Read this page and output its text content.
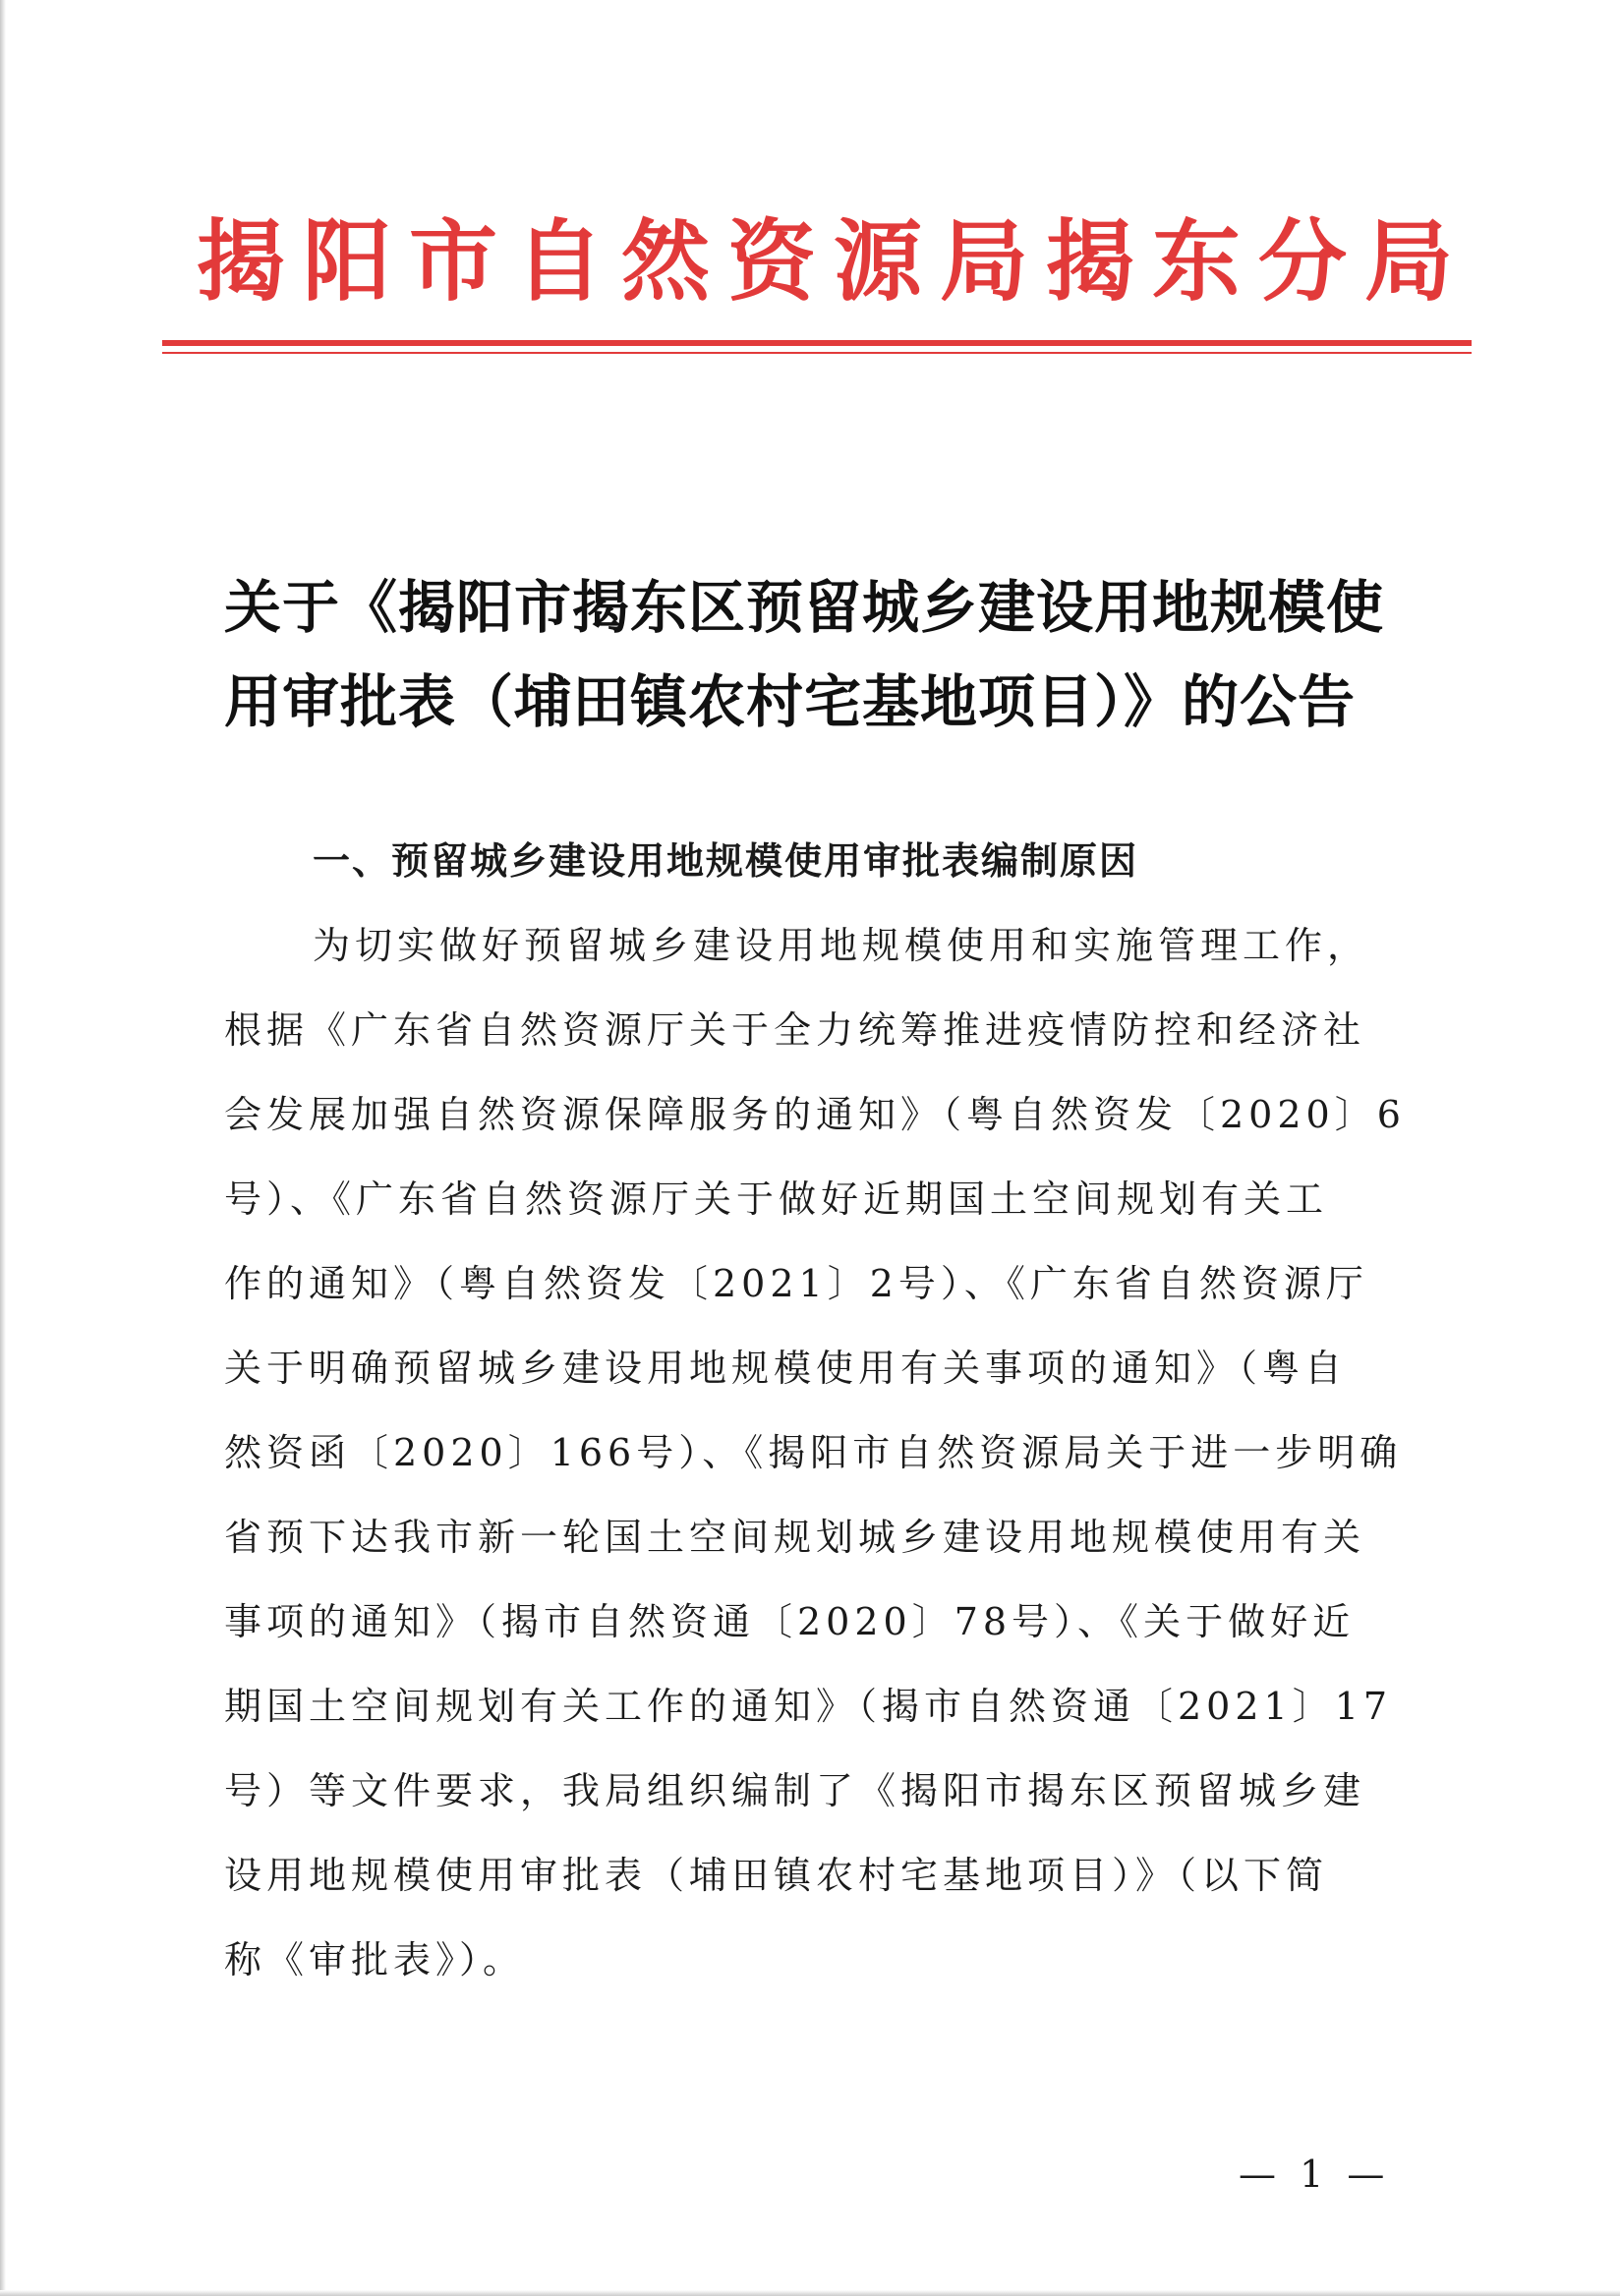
揭阳市自然资源局揭东分局
关于《揭阳市揭东区预留城乡建设用地规模使
用审批表（埔田镇农村宅基地项目）》的公告
一、预留城乡建设用地规模使用审批表编制原因
为切实做好预留城乡建设用地规模使用和实施管理工作，
根据《广东省自然资源厅关于全力统筹推进疫情防控和经济社
会发展加强自然资源保障服务的通知》（粤自然资发〔2020〕6
号）、《广东省自然资源厅关于做好近期国土空间规划有关工
作的通知》（粤自然资发〔2021〕2号）、《广东省自然资源厅
关于明确预留城乡建设用地规模使用有关事项的通知》（粤自
然资函〔2020〕166号）、《揭阳市自然资源局关于进一步明确
省预下达我市新一轮国土空间规划城乡建设用地规模使用有关
事项的通知》（揭市自然资通〔2020〕78号）、《关于做好近
期国土空间规划有关工作的通知》（揭市自然资通〔2021〕17
号）等文件要求，我局组织编制了《揭阳市揭东区预留城乡建
设用地规模使用审批表（埔田镇农村宅基地项目）》（以下简
称《审批表》）。
— 1 —
